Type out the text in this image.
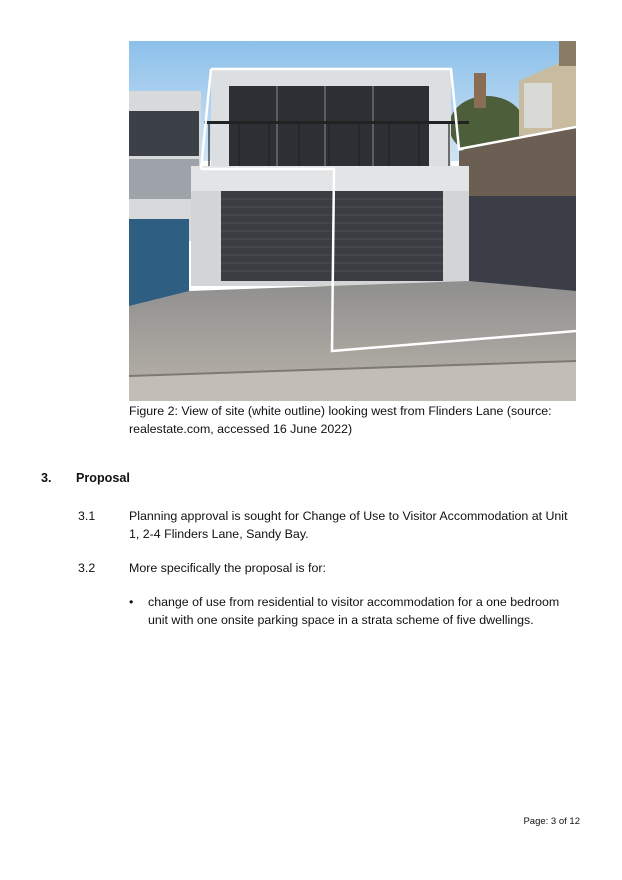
Figure 2: View of site (white outline) looking west from Flinders Lane (source: realestate.com, accessed 16 June 2022)
3. Proposal
3.1	Planning approval is sought for Change of Use to Visitor Accommodation at Unit 1, 2-4 Flinders Lane, Sandy Bay.
3.2	More specifically the proposal is for:
• change of use from residential to visitor accommodation for a one bedroom unit with one onsite parking space in a strata scheme of five dwellings.
Page: 3 of 12
